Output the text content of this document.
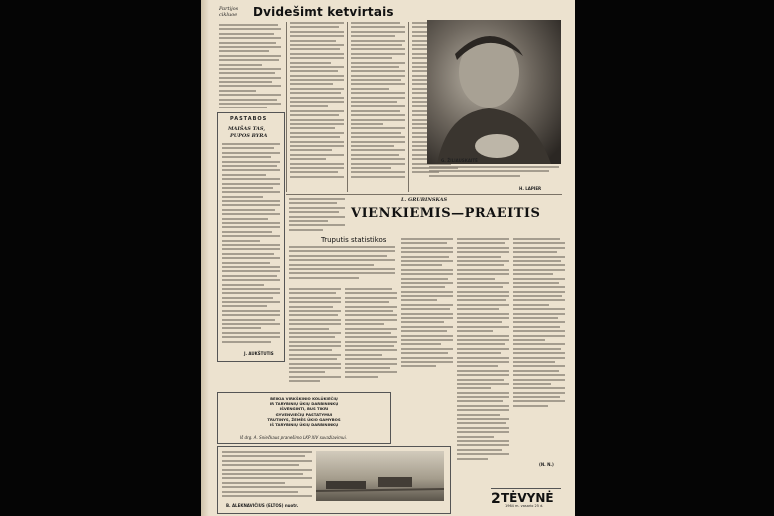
Partijos
cikluoe Dvidešimt ketvirtais
PASTABOS
MAIŠAS TAS,
PUPOS BYRA
J. AUKŠTUTIS
G. ŽILIAUSKAITĖ
H. LAPIER
L. GRUBINSKAS
VIENKIEMIS—PRAEITIS
Truputis statistikos
(N. N.)
BEIKIA VIRKŠKINIO KOLŪKIEČIŲ
IR TARYBINIŲ ŪKIŲ DARBININKŲ
IŠVENGINTI, BUS TIKRI
GYVENVIEČIŲ PASTATYMUI
TRUTINYS, ŽEMĖS ŪKIO GAMYBOS
IŠ TARYBINIŲ ŪKIŲ DARBININKŲ
Iš drg. A. Sniečkaus pranešimo LKP XIV suvažiavimui.
B. ALEKNAVIČIUS (ELTOS) nuotr.	2 TĖVYNĖ
1964 m. vasario 25 d.
